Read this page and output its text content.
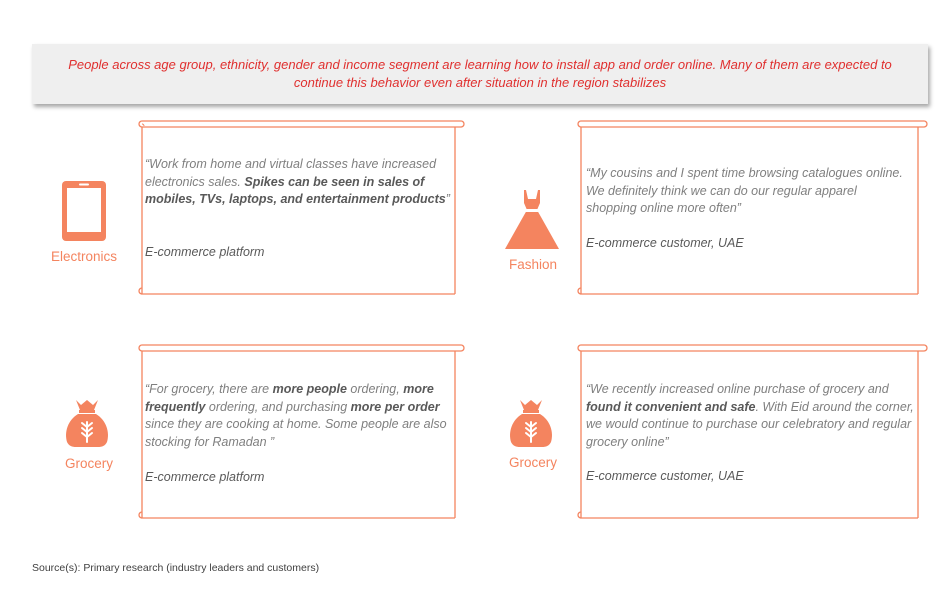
People across age group, ethnicity, gender and income segment are learning how to install app and order online. Many of them are expected to continue this behavior even after situation in the region stabilizes
Electronics
Fashion
Grocery	Grocery
“Work from home and virtual classes have increased electronics sales. Spikes can be seen in sales of mobiles, TVs, laptops, and entertainment products”
E-commerce platform
“My cousins and I spent time browsing catalogues online. We definitely think we can do our regular apparel shopping online more often”
E-commerce customer, UAE
“For grocery, there are more people ordering, more frequently ordering, and purchasing more per order since they are cooking at home. Some people are also stocking for Ramadan ”
E-commerce platform
“We recently increased online purchase of grocery and found it convenient and safe. With Eid around the corner, we would continue to purchase our celebratory and regular grocery online”
E-commerce customer, UAE
Source(s): Primary research (industry leaders and customers)
